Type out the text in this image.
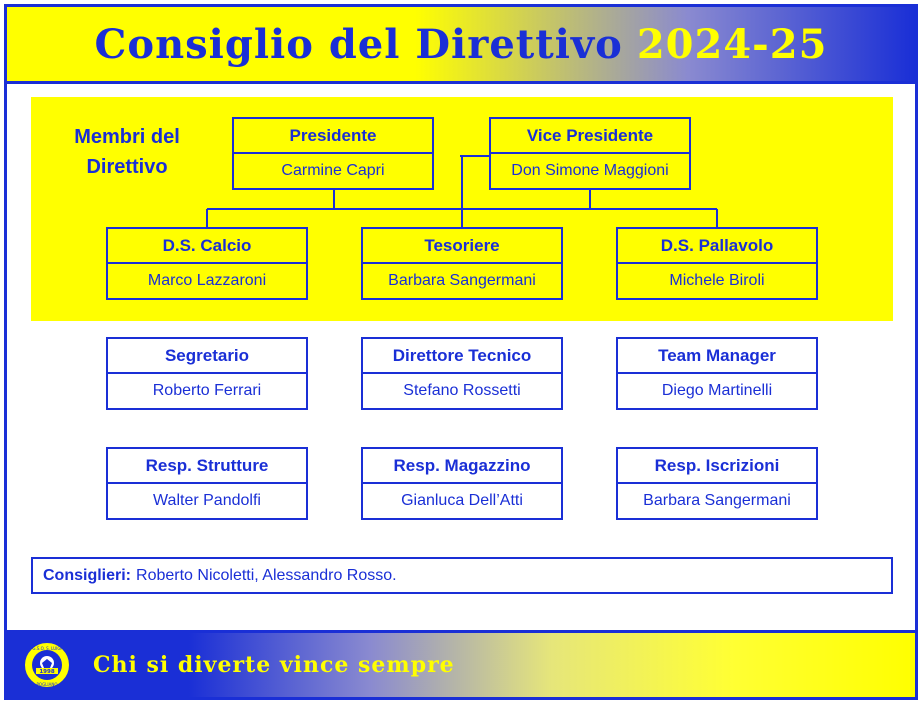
Consiglio del Direttivo 2024-25
Membri del Direttivo
Presidente
Carmine Capri
Vice Presidente
Don Simone Maggioni
D.S. Calcio
Marco Lazzaroni
Tesoriere
Barbara Sangermani
D.S. Pallavolo
Michele Biroli
Segretario
Roberto Ferrari
Direttore Tecnico
Stefano Rossetti
Team Manager
Diego Martinelli
Resp. Strutture
Walter Pandolfi
Resp. Magazzino
Gianluca Dell’Atti
Resp. Iscrizioni
Barbara Sangermani
Consiglieri: Roberto Nicoletti, Alessandro Rosso.
1998
G.S.O. S. LUIGI
POGLIANO
Chi si diverte vince sempre
